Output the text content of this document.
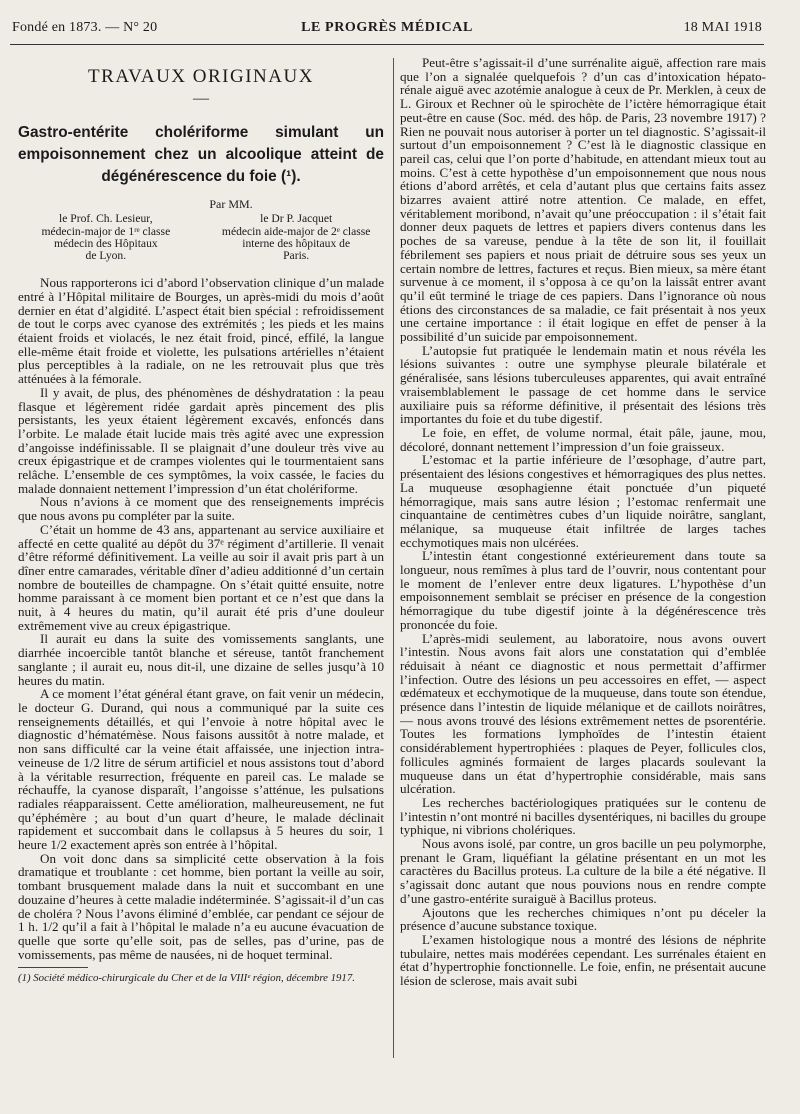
Fondé en 1873. — N° 20	LE PROGRÈS MÉDICAL	18 MAI 1918
TRAVAUX ORIGINAUX
—
Gastro-entérite cholériforme simulant un empoisonnement chez un alcoolique atteint de dégénérescence du foie (¹).
Par MM.
le Prof. Ch. Lesieur,
médecin-major de 1ʳᵉ classe
médecin des Hôpitaux
de Lyon.
le Dr P. Jacquet
médecin aide-major de 2ᵉ classe
interne des hôpitaux de
Paris.

Nous rapporterons ici d’abord l’observation clinique d’un malade entré à l’Hôpital militaire de Bourges, un après-midi du mois d’août dernier en état d’algidité. L’aspect était bien spécial : refroidissement de tout le corps avec cyanose des extrémités ; les pieds et les mains étaient froids et violacés, le nez était froid, pincé, effilé, la langue elle-même était froide et violette, les pulsations artérielles n’étaient plus perceptibles à la radiale, on ne les retrouvait plus que très atténuées à la fémorale.

Il y avait, de plus, des phénomènes de déshydratation : la peau flasque et légèrement ridée gardait après pincement des plis persistants, les yeux étaient légèrement excavés, enfoncés dans l’orbite. Le malade était lucide mais très agité avec une expression d’angoisse indéfinissable. Il se plaignait d’une douleur très vive au creux épigastrique et de crampes violentes qui le tourmentaient sans relâche. L’ensemble de ces symptômes, la voix cassée, le facies du malade donnaient nettement l’impression d’un état cholériforme.

Nous n’avions à ce moment que des renseignements imprécis que nous avons pu compléter par la suite.

C’était un homme de 43 ans, appartenant au service auxiliaire et affecté en cette qualité au dépôt du 37ᵉ régiment d’artillerie. Il venait d’être réformé définitivement. La veille au soir il avait pris part à un dîner entre camarades, véritable dîner d’adieu additionné d’un certain nombre de bouteilles de champagne. On s’était quitté ensuite, notre homme paraissant à ce moment bien portant et ce n’est que dans la nuit, à 4 heures du matin, qu’il aurait été pris d’une douleur extrêmement vive au creux épigastrique.

Il aurait eu dans la suite des vomissements sanglants, une diarrhée incoercible tantôt blanche et séreuse, tantôt franchement sanglante ; il aurait eu, nous dit-il, une dizaine de selles jusqu’à 10 heures du matin.

A ce moment l’état général étant grave, on fait venir un médecin, le docteur G. Durand, qui nous a communiqué par la suite ces renseignements détaillés, et qui l’envoie à notre hôpital avec le diagnostic d’hématémèse. Nous faisons aussitôt à notre malade, et non sans difficulté car la veine était affaissée, une injection intra-veineuse de 1/2 litre de sérum artificiel et nous assistons tout d’abord à la véritable resurrection, fréquente en pareil cas. Le malade se réchauffe, la cyanose disparaît, l’angoisse s’atténue, les pulsations radiales réapparaissent. Cette amélioration, malheureusement, ne fut qu’éphémère ; au bout d’un quart d’heure, le malade déclinait rapidement et succombait dans le collapsus à 5 heures du soir, 1 heure 1/2 exactement après son entrée à l’hôpital.

On voit donc dans sa simplicité cette observation à la fois dramatique et troublante : cet homme, bien portant la veille au soir, tombant brusquement malade dans la nuit et succombant en une douzaine d’heures à cette maladie indéterminée. S’agissait-il d’un cas de choléra ? Nous l’avons éliminé d’emblée, car pendant ce séjour de 1 h. 1/2 qu’il a fait à l’hôpital le malade n’a eu aucune évacuation de quelle que sorte qu’elle soit, pas de selles, pas d’urine, pas de vomissements, pas même de nausées, ni de hoquet terminal.

(1) Société médico-chirurgicale du Cher et de la VIIIᵉ région, décembre 1917.

Peut-être s’agissait-il d’une surrénalite aiguë, affection rare mais que l’on a signalée quelquefois ? d’un cas d’intoxication hépato-rénale aiguë avec azotémie analogue à ceux de Pr. Merklen, à ceux de L. Giroux et Rechner où le spirochète de l’ictère hémorragique était peut-être en cause (Soc. méd. des hôp. de Paris, 23 novembre 1917) ? Rien ne pouvait nous autoriser à porter un tel diagnostic. S’agissait-il surtout d’un empoisonnement ? C’est là le diagnostic classique en pareil cas, celui que l’on porte d’habitude, en attendant mieux tout au moins. C’est à cette hypothèse d’un empoisonnement que nous nous étions d’abord arrêtés, et cela d’autant plus que certains faits assez bizarres avaient attiré notre attention. Ce malade, en effet, véritablement moribond, n’avait qu’une préoccupation : il s’était fait donner deux paquets de lettres et papiers divers contenus dans les poches de sa vareuse, pendue à la tête de son lit, il fouillait fébrilement ses papiers et nous priait de détruire sous ses yeux un certain nombre de lettres, factures et reçus. Bien mieux, sa mère étant survenue à ce moment, il s’opposa à ce qu’on la laissât entrer avant qu’il eût terminé le triage de ces papiers. Dans l’ignorance où nous étions des circonstances de sa maladie, ce fait présentait à nos yeux une certaine importance : il était logique en effet de penser à la possibilité d’un suicide par empoisonnement.

L’autopsie fut pratiquée le lendemain matin et nous révéla les lésions suivantes : outre une symphyse pleurale bilatérale et généralisée, sans lésions tuberculeuses apparentes, qui avait entraîné vraisemblablement le passage de cet homme dans le service auxiliaire puis sa réforme définitive, il présentait des lésions très importantes du foie et du tube digestif.

Le foie, en effet, de volume normal, était pâle, jaune, mou, décoloré, donnant nettement l’impression d’un foie graisseux.

L’estomac et la partie inférieure de l’œsophage, d’autre part, présentaient des lésions congestives et hémorragiques des plus nettes. La muqueuse œsophagienne était ponctuée d’un piqueté hémorragique, mais sans autre lésion ; l’estomac renfermait une cinquantaine de centimètres cubes d’un liquide noirâtre, sanglant, mélanique, sa muqueuse était infiltrée de larges taches ecchymotiques mais non ulcérées.

L’intestin étant congestionné extérieurement dans toute sa longueur, nous remîmes à plus tard de l’ouvrir, nous contentant pour le moment de l’enlever entre deux ligatures. L’hypothèse d’un empoisonnement semblait se préciser en présence de la congestion hémorragique du tube digestif jointe à la dégénérescence très prononcée du foie.

L’après-midi seulement, au laboratoire, nous avons ouvert l’intestin. Nous avons fait alors une constatation qui d’emblée réduisait à néant ce diagnostic et nous permettait d’affirmer l’infection. Outre des lésions un peu accessoires en effet, — aspect œdémateux et ecchymotique de la muqueuse, dans toute son étendue, présence dans l’intestin de liquide mélanique et de caillots noirâtres, — nous avons trouvé des lésions extrêmement nettes de psorentérie. Toutes les formations lymphoïdes de l’intestin étaient considérablement hypertrophiées : plaques de Peyer, follicules clos, follicules agminés formaient de larges placards soulevant la muqueuse dans un état d’hypertrophie considérable, mais sans ulcération.

Les recherches bactériologiques pratiquées sur le contenu de l’intestin n’ont montré ni bacilles dysentériques, ni bacilles du groupe typhique, ni vibrions cholériques.

Nous avons isolé, par contre, un gros bacille un peu polymorphe, prenant le Gram, liquéfiant la gélatine présentant en un mot les caractères du Bacillus proteus. La culture de la bile a été négative. Il s’agissait donc autant que nous pouvions nous en rendre compte d’une gastro-entérite suraiguë à Bacillus proteus.

Ajoutons que les recherches chimiques n’ont pu déceler la présence d’aucune substance toxique.

L’examen histologique nous a montré des lésions de néphrite tubulaire, nettes mais modérées cependant. Les surrénales étaient en état d’hypertrophie fonctionnelle. Le foie, enfin, ne présentait aucune lésion de sclerose, mais avait subi
